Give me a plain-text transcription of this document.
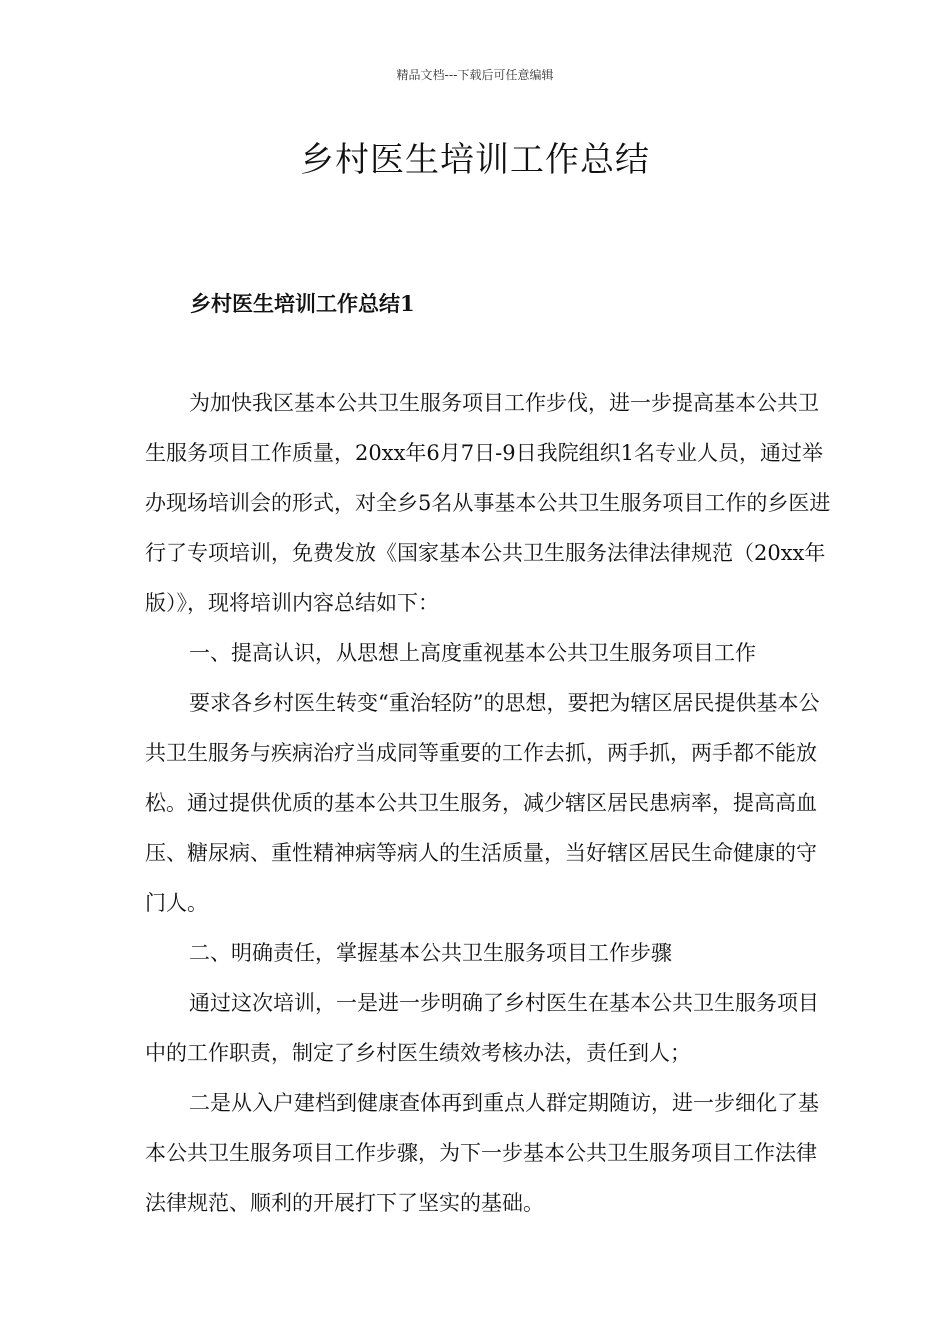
精品文档---下载后可任意编辑
乡村医生培训工作总结
乡村医生培训工作总结1

为加快我区基本公共卫生服务项目工作步伐，进一步提高基本公共卫生服务项目工作质量，20xx年6月7日-9日我院组织1名专业人员，通过举办现场培训会的形式，对全乡5名从事基本公共卫生服务项目工作的乡医进行了专项培训，免费发放《国家基本公共卫生服务法律法律规范（20xx年版）》，现将培训内容总结如下：

一、提高认识，从思想上高度重视基本公共卫生服务项目工作

要求各乡村医生转变“重治轻防”的思想，要把为辖区居民提供基本公共卫生服务与疾病治疗当成同等重要的工作去抓，两手抓，两手都不能放松。通过提供优质的基本公共卫生服务，减少辖区居民患病率，提高高血压、糖尿病、重性精神病等病人的生活质量，当好辖区居民生命健康的守门人。

二、明确责任，掌握基本公共卫生服务项目工作步骤

通过这次培训，一是进一步明确了乡村医生在基本公共卫生服务项目中的工作职责，制定了乡村医生绩效考核办法，责任到人；

二是从入户建档到健康查体再到重点人群定期随访，进一步细化了基本公共卫生服务项目工作步骤，为下一步基本公共卫生服务项目工作法律法律规范、顺利的开展打下了坚实的基础。
